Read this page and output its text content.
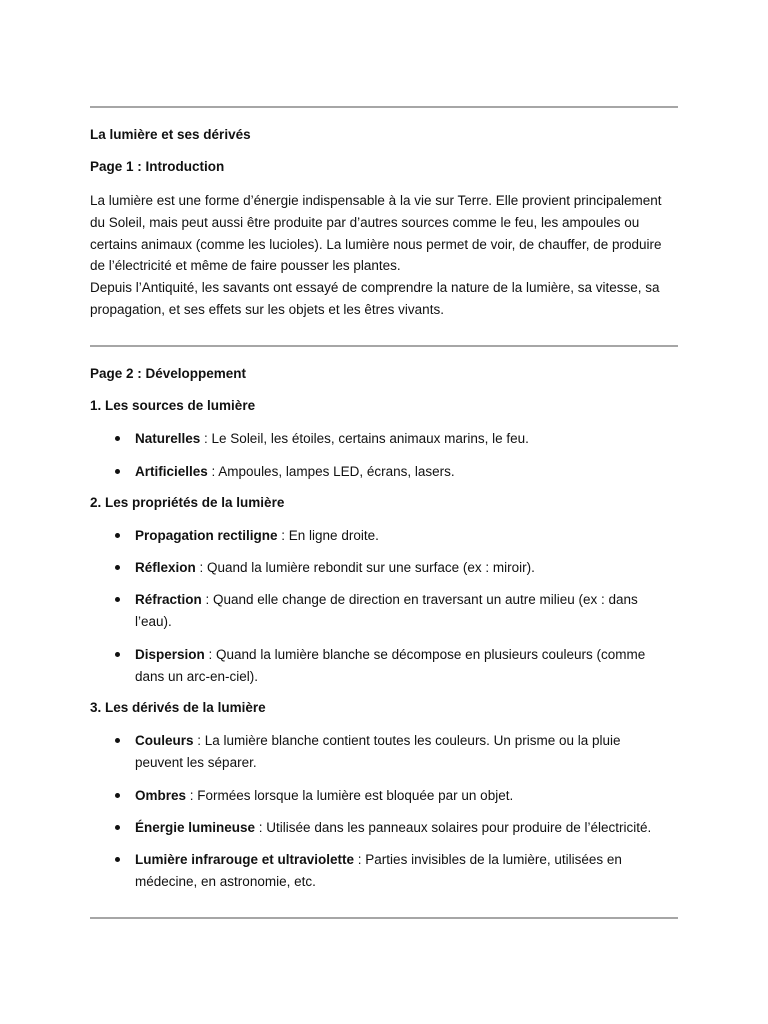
La lumière et ses dérivés
Page 1 : Introduction

La lumière est une forme d’énergie indispensable à la vie sur Terre. Elle provient principalement du Soleil, mais peut aussi être produite par d’autres sources comme le feu, les ampoules ou certains animaux (comme les lucioles). La lumière nous permet de voir, de chauffer, de produire de l’électricité et même de faire pousser les plantes.

Depuis l’Antiquité, les savants ont essayé de comprendre la nature de la lumière, sa vitesse, sa propagation, et ses effets sur les objets et les êtres vivants.

Page 2 : Développement
1. Les sources de lumière
Naturelles : Le Soleil, les étoiles, certains animaux marins, le feu.
Artificielles : Ampoules, lampes LED, écrans, lasers.
2. Les propriétés de la lumière
Propagation rectiligne : En ligne droite.
Réflexion : Quand la lumière rebondit sur une surface (ex : miroir).
Réfraction : Quand elle change de direction en traversant un autre milieu (ex : dans l’eau).
Dispersion : Quand la lumière blanche se décompose en plusieurs couleurs (comme dans un arc-en-ciel).
3. Les dérivés de la lumière
Couleurs : La lumière blanche contient toutes les couleurs. Un prisme ou la pluie peuvent les séparer.
Ombres : Formées lorsque la lumière est bloquée par un objet.
Énergie lumineuse : Utilisée dans les panneaux solaires pour produire de l’électricité.
Lumière infrarouge et ultraviolette : Parties invisibles de la lumière, utilisées en médecine, en astronomie, etc.
